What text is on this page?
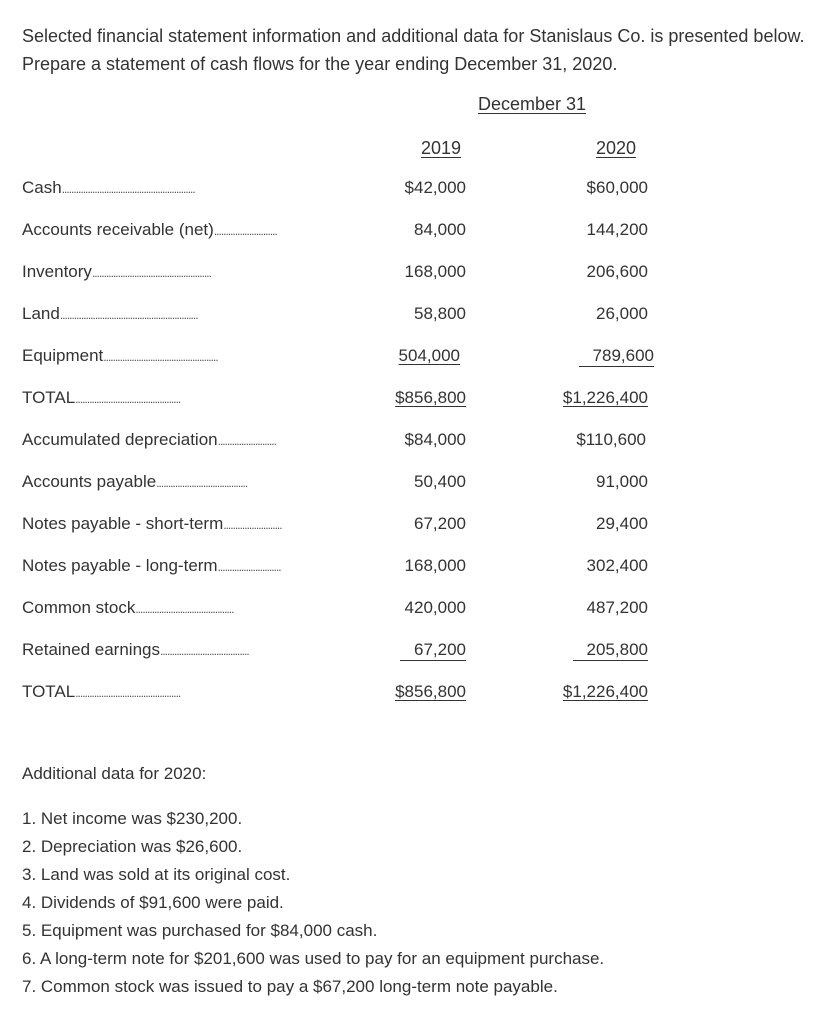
Selected financial statement information and additional data for Stanislaus Co. is presented below. Prepare a statement of cash flows for the year ending December 31, 2020.

December 31
2019	2020
Cash.........................................................	$42,000	$60,000
Accounts receivable (net)...........................	84,000	144,200
Inventory...................................................	168,000	206,600
Land...........................................................	58,800	26,000
Equipment.................................................	504,000	789,600
TOTAL.............................................	$856,800	$1,226,400
Accumulated depreciation.........................	$84,000	$110,600
Accounts payable.......................................	50,400	91,000
Notes payable - short-term.........................	67,200	29,400
Notes payable - long-term...........................	168,000	302,400
Common stock..........................................	420,000	487,200
Retained earnings......................................	67,200	205,800
TOTAL.............................................	$856,800	$1,226,400

Additional data for 2020:

1. Net income was $230,200.
2. Depreciation was $26,600.
3. Land was sold at its original cost.
4. Dividends of $91,600 were paid.
5. Equipment was purchased for $84,000 cash.
6. A long-term note for $201,600 was used to pay for an equipment purchase.
7. Common stock was issued to pay a $67,200 long-term note payable.
